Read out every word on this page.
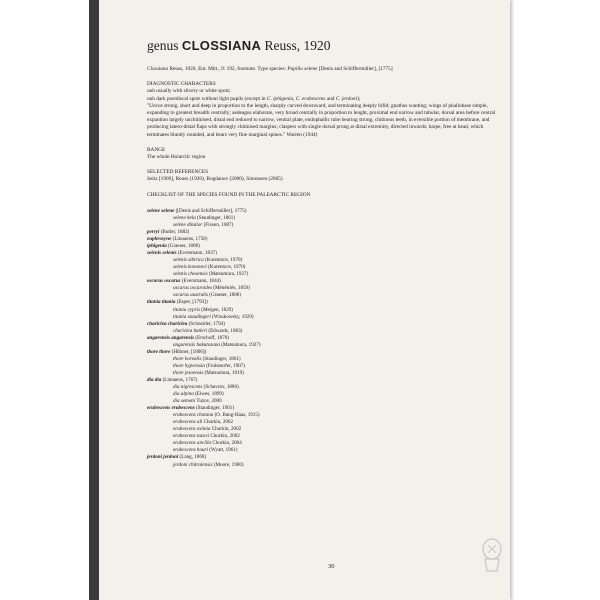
genus CLOSSIANA Reuss, 1920

Clossiana Reuss, 1920, Ent. Mitt., 9: 192, footnote. Type species: Papilio selene [Denis and Schiffermüller], [1775]

DIAGNOSTIC CHARACTERS

unh usually with silvery or white spots;

unh dark postdiscal spots without light pupils (except in C. iphigenia, C. erubescens and C. jerdoni);

"Uncus strong, short and deep in proportion to the length, sharply curved downward, and terminating deeply bifid; gnathus wanting; wings of phallobase simple, expanding to greatest breadth centrally; aedeagus elaborate, very broad centrally in proportion to lenght, proximal end narrow and tubular, dorsal area before central expantion largely unchitinised, distal end reduced to narrow, ventral plate, endophallic tube bearing strong, chitinous teeth, in eversible portion of membrane, and producing latero-distal flaps with strongly chitinised margins; claspers with single dorsal prong at distal extremity, directed inwards; harpe, free at head, which terminates bluntly rounded, and bears very fine marginal spines." Warren (1944)

RANGE

The whole Holarctic region

SELECTED REFERENCES

Seitz [1909], Reuss (1920), Bogdanov (2000), Simonsen (2005)

CHECKLIST OF THE SPECIES FOUND IN THE PALEARCTIC REGION

selene selene ([Denis and Schiffermüller], 1775)
selene hela (Staudinger, 1861)
selene dilutior (Fixsen, 1887)
perryi (Butler, 1882)
euphrosyne (Linnaeus, 1758)
iphigenia (Graeser, 1888)
selenis selenis (Eversmann, 1837)
selenis sibirica (Kurentzov, 1970)
selenis kononovi (Kurentzov, 1970)
selenis chosensis (Matsumura, 1927)
oscarus oscarus (Eversmann, 1844)
oscarus oscaroides (Ménétriés, 1859)
oscarus australis (Graeser, 1888)
titania titania (Esper, [1793])
titania cypris (Meigen, 1829)
titania staudingeri (Wnukowsky, 1929)
chariclea chariclea (Schneider, 1794)
chariclea butleri (Edwards, 1883)
angarensis angarensis (Erschoff, 1870)
angarensis hakutozana (Matsumura, 1927)
thore thore (Hübner, [1806])
thore borealis (Staudinger, 1861)
thore hyperusia (Fruhstorfer, 1907)
thore jezoensis (Matsumura, 1919)
dia dia (Linnaeus, 1767)
dia nigrescens (Schavrov, 1886)
dia alpina (Elwes, 1899)
dia semota Tuzov, 2000
erubescens erubescens (Staudinger, 1901)
erubescens chotana (O. Bang-Haas, 1915)
erubescens ali Churkin, 2002
erubescens eximia Churkin, 2002
erubescens tuzovi Churkin, 2002
erubescens ancilla Churkin, 2004
erubescens houri (Wyatt, 1961)
jerdoni jerdoni (Lang, 1868)
jerdoni chitralensis (Moore, 1900)
30
